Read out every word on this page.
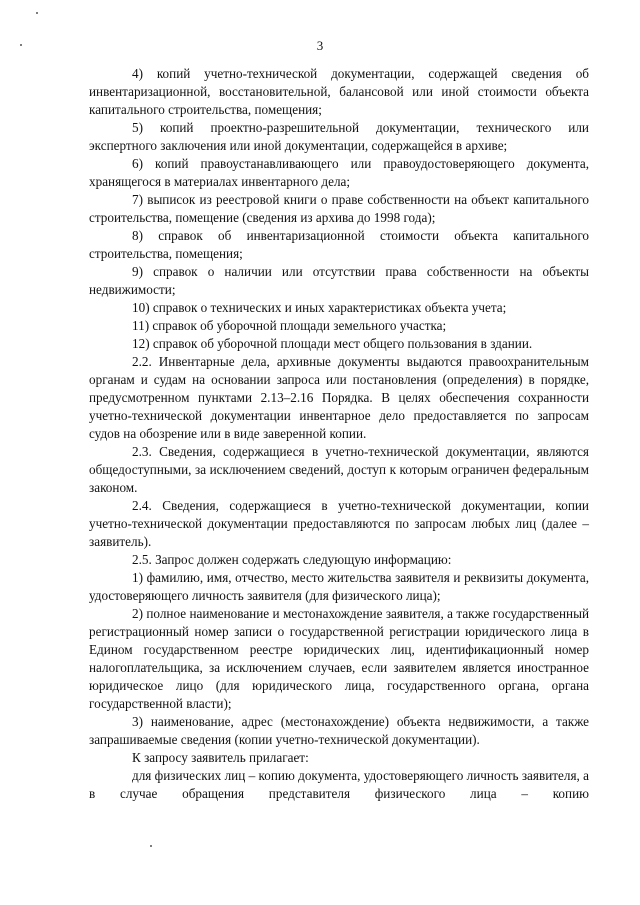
3

4) копий учетно-технической документации, содержащей сведения об инвентаризационной, восстановительной, балансовой или иной стоимости объекта капитального строительства, помещения;

5) копий проектно-разрешительной документации, технического или экспертного заключения или иной документации, содержащейся в архиве;

6) копий правоустанавливающего или правоудостоверяющего документа, хранящегося в материалах инвентарного дела;

7) выписок из реестровой книги о праве собственности на объект капитального строительства, помещение (сведения из архива до 1998 года);

8) справок об инвентаризационной стоимости объекта капитального строительства, помещения;

9) справок о наличии или отсутствии права собственности на объекты недвижимости;

10) справок о технических и иных характеристиках объекта учета;

11) справок об уборочной площади земельного участка;

12) справок об уборочной площади мест общего пользования в здании.

2.2. Инвентарные дела, архивные документы выдаются правоохранительным органам и судам на основании запроса или постановления (определения) в порядке, предусмотренном пунктами 2.13–2.16 Порядка. В целях обеспечения сохранности учетно-технической документации инвентарное дело предоставляется по запросам судов на обозрение или в виде заверенной копии.

2.3. Сведения, содержащиеся в учетно-технической документации, являются общедоступными, за исключением сведений, доступ к которым ограничен федеральным законом.

2.4. Сведения, содержащиеся в учетно-технической документации, копии учетно-технической документации предоставляются по запросам любых лиц (далее – заявитель).

2.5. Запрос должен содержать следующую информацию:

1) фамилию, имя, отчество, место жительства заявителя и реквизиты документа, удостоверяющего личность заявителя (для физического лица);

2) полное наименование и местонахождение заявителя, а также государственный регистрационный номер записи о государственной регистрации юридического лица в Едином государственном реестре юридических лиц, идентификационный номер налогоплательщика, за исключением случаев, если заявителем является иностранное юридическое лицо (для юридического лица, государственного органа, органа государственной власти);

3) наименование, адрес (местонахождение) объекта недвижимости, а также запрашиваемые сведения (копии учетно-технической документации).

К запросу заявитель прилагает:

для физических лиц – копию документа, удостоверяющего личность заявителя, а в случае обращения представителя физического лица – копию
